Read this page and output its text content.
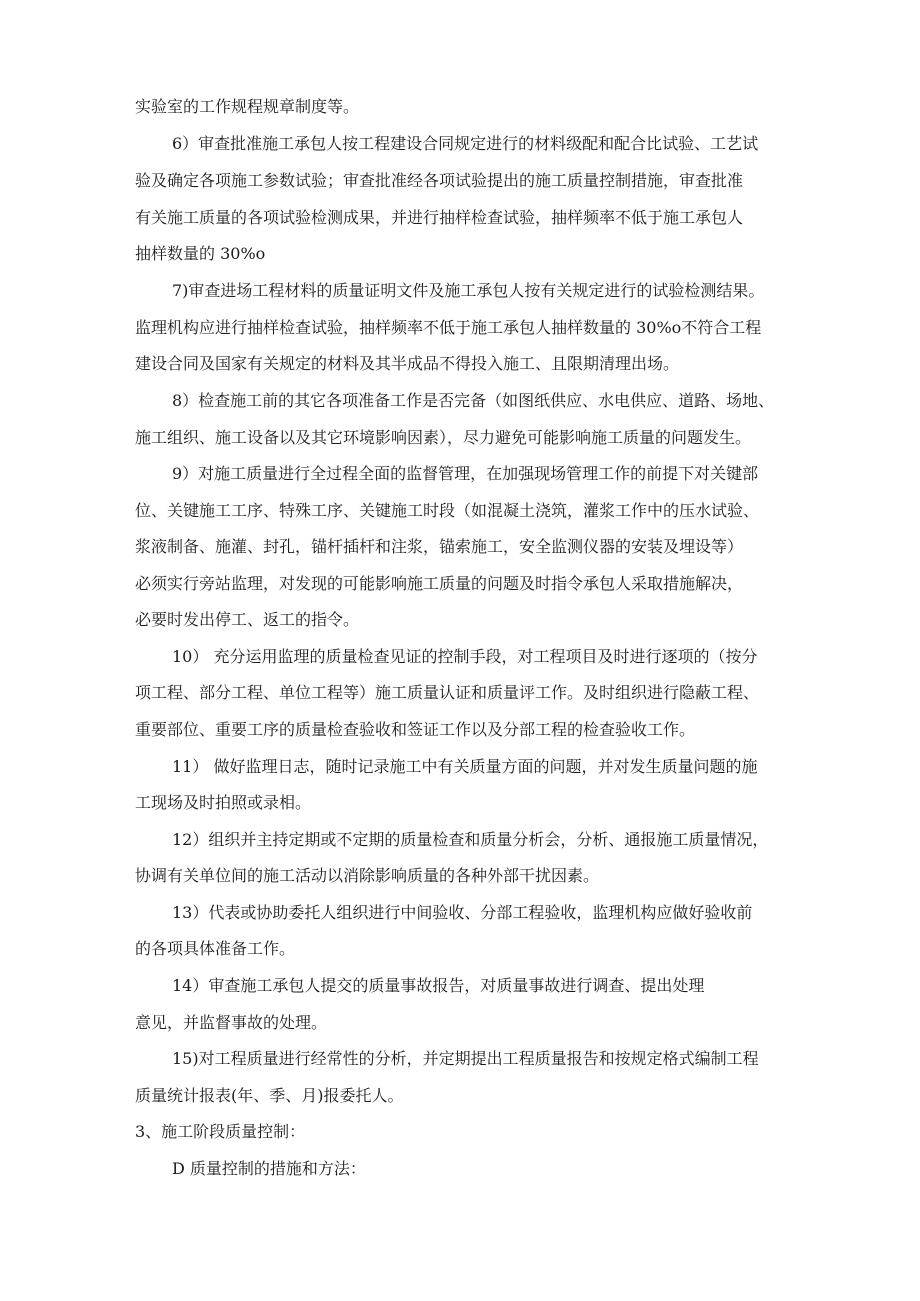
实验室的工作规程规章制度等。
6）审查批准施工承包人按工程建设合同规定进行的材料级配和配合比试验、工艺试
验及确定各项施工参数试验；审查批准经各项试验提出的施工质量控制措施，审查批准
有关施工质量的各项试验检测成果，并进行抽样检查试验，抽样频率不低于施工承包人
抽样数量的 30%o
7)审查进场工程材料的质量证明文件及施工承包人按有关规定进行的试验检测结果。
监理机构应进行抽样检查试验，抽样频率不低于施工承包人抽样数量的 30%o不符合工程
建设合同及国家有关规定的材料及其半成品不得投入施工、且限期清理出场。
8）检查施工前的其它各项准备工作是否完备（如图纸供应、水电供应、道路、场地、
施工组织、施工设备以及其它环境影响因素），尽力避免可能影响施工质量的问题发生。
9）对施工质量进行全过程全面的监督管理，在加强现场管理工作的前提下对关键部
位、关键施工工序、特殊工序、关键施工时段（如混凝土浇筑，灌浆工作中的压水试验、
浆液制备、施灌、封孔，锚杆插杆和注浆，锚索施工，安全监测仪器的安装及埋设等）
必须实行旁站监理，对发现的可能影响施工质量的问题及时指令承包人采取措施解决，
必要时发出停工、返工的指令。
10） 充分运用监理的质量检查见证的控制手段，对工程项目及时进行逐项的（按分
项工程、部分工程、单位工程等）施工质量认证和质量评工作。及时组织进行隐蔽工程、
重要部位、重要工序的质量检查验收和签证工作以及分部工程的检查验收工作。
11） 做好监理日志，随时记录施工中有关质量方面的问题，并对发生质量问题的施
工现场及时拍照或录相。
12）组织并主持定期或不定期的质量检查和质量分析会，分析、通报施工质量情况，
协调有关单位间的施工活动以消除影响质量的各种外部干扰因素。
13）代表或协助委托人组织进行中间验收、分部工程验收，监理机构应做好验收前
的各项具体准备工作。
14）审查施工承包人提交的质量事故报告，对质量事故进行调查、提出处理
意见，并监督事故的处理。
15)对工程质量进行经常性的分析，并定期提出工程质量报告和按规定格式编制工程
质量统计报表(年、季、月)报委托人。
3、施工阶段质量控制：
D 质量控制的措施和方法：
